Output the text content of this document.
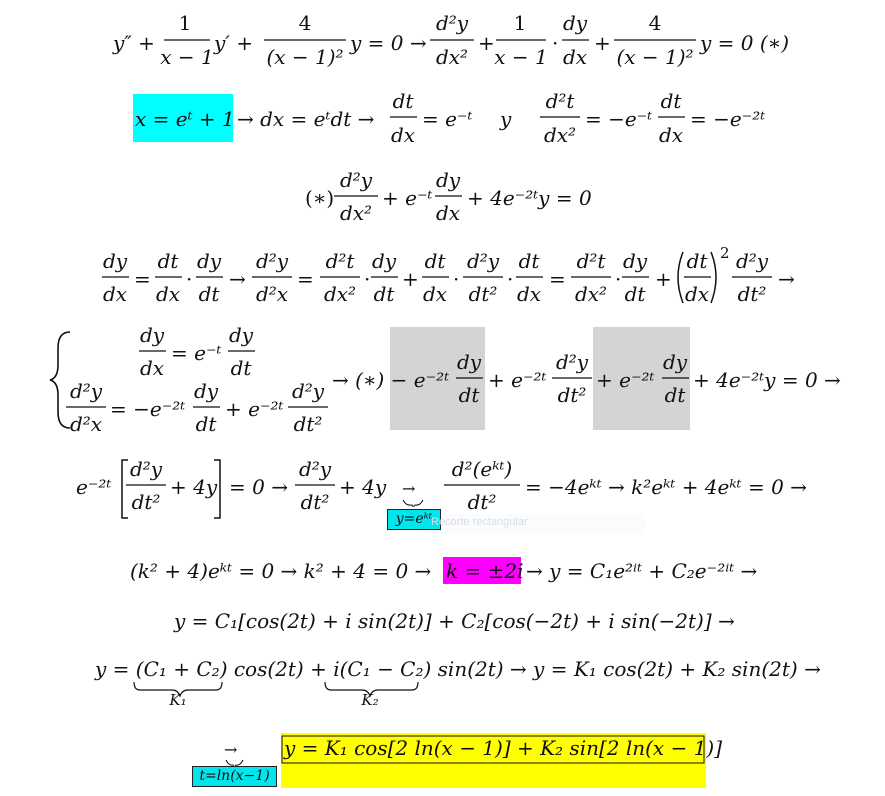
y″ +
1
x − 1
y′ +
4
(x − 1)²
y = 0 →
d²y
dx²
+
1
x − 1
·
dy
dx
+
4
(x − 1)²
y = 0 (∗)
x = eᵗ + 1 → dx = eᵗdt →
dt
dx
= e⁻ᵗ y
d²t
dx²
= −e⁻ᵗ
dt
dx
= −e⁻²ᵗ
(∗)
d²y
dx²
+ e⁻ᵗ
dy
dx
+ 4e⁻²ᵗy = 0
dy
dx
=
dt
dx
·
dy
dt
→
d²y
d²x
=
d²t
dx²
·
dy
dt
+
dt
dx
·
d²y
dt²
·
dt
dx
=
d²t
dx²
·
dy
dt
+
dt
dx
2 d²y
dt²
→
dy
dx
= e⁻ᵗ
dy
dt
d²y
d²x
= −e⁻²ᵗ
dy
dt
+ e⁻²ᵗ
d²y
dt²
→ (∗) − e⁻²ᵗ
dy
dt
+ e⁻²ᵗ
d²y
dt²
+ e⁻²ᵗ
dy
dt
+ 4e⁻²ᵗy = 0 →
e⁻²ᵗ
d²y
dt²
+ 4y = 0 →
d²y
dt²
+ 4y →
d²(eᵏᵗ)
dt²
= −4eᵏᵗ → k²eᵏᵗ + 4eᵏᵗ = 0 →
(k² + 4)eᵏᵗ = 0 → k² + 4 = 0 → k = ±2i → y = C₁e²ⁱᵗ + C₂e⁻²ⁱᵗ →
y = C₁[cos(2t) + i sin(2t)] + C₂[cos(−2t) + i sin(−2t)] →
y = (C₁ + C₂) cos(2t) + i(C₁ − C₂) sin(2t) → y = K₁ cos(2t) + K₂ sin(2t) →
K₁	K₂
→ y = K₁ cos[2 ln(x − 1)] + K₂ sin[2 ln(x − 1)]
y=eᵏᵗ
Recorte rectangular
t=ln(x−1)
